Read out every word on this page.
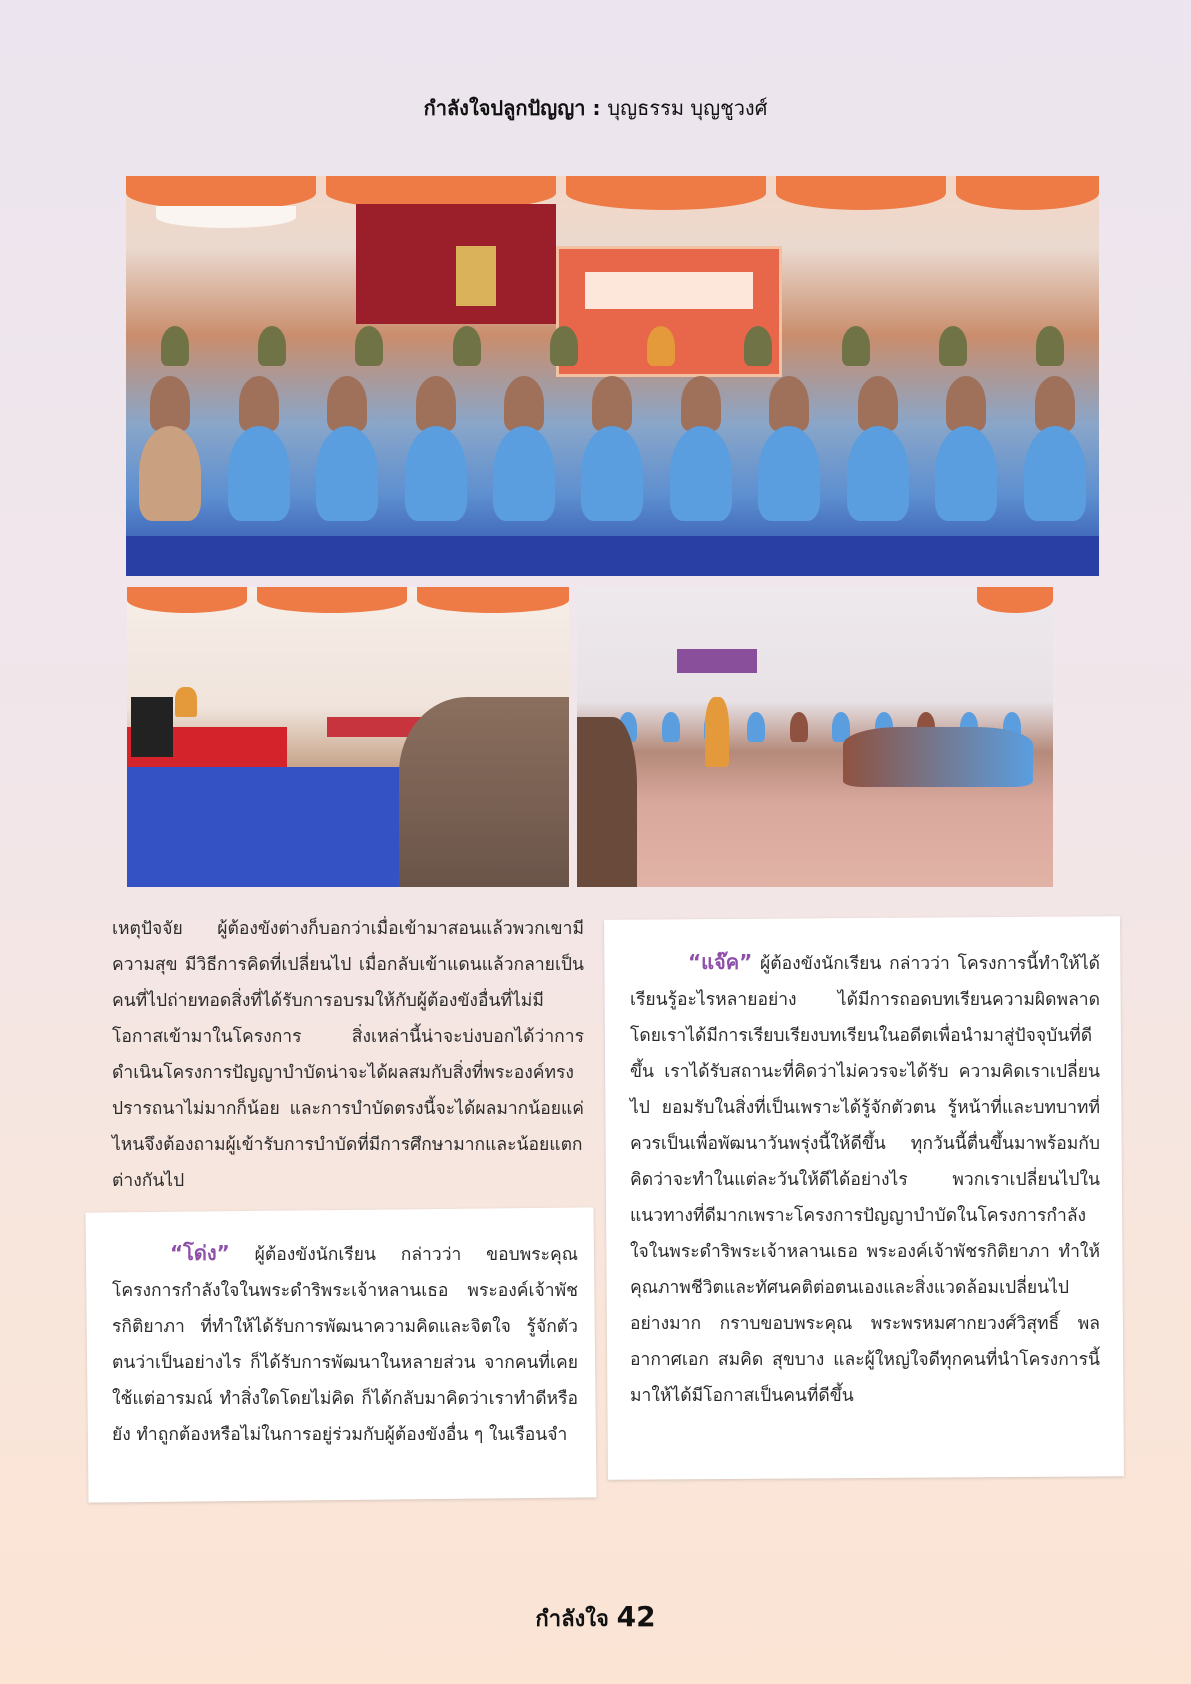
กำลังใจปลูกปัญญา : บุญธรรม บุญชูวงศ์

เหตุปัจจัย ผู้ต้องขังต่างก็บอกว่าเมื่อเข้ามาสอนแล้วพวกเขามีความสุข มีวิธีการคิดที่เปลี่ยนไป เมื่อกลับเข้าแดนแล้วกลายเป็นคนที่ไปถ่ายทอดสิ่งที่ได้รับการอบรมให้กับผู้ต้องขังอื่นที่ไม่มีโอกาสเข้ามาในโครงการ สิ่งเหล่านี้น่าจะบ่งบอกได้ว่าการดำเนินโครงการปัญญาบำบัดน่าจะได้ผลสมกับสิ่งที่พระองค์ทรงปรารถนาไม่มากก็น้อย และการบำบัดตรงนี้จะได้ผลมากน้อยแค่ไหนจึงต้องถามผู้เข้ารับการบำบัดที่มีการศึกษามากและน้อยแตกต่างกันไป

“โด่ง” ผู้ต้องขังนักเรียน กล่าวว่า ขอบพระคุณโครงการกำลังใจในพระดำริพระเจ้าหลานเธอ พระองค์เจ้าพัชรกิติยาภา ที่ทำให้ได้รับการพัฒนาความคิดและจิตใจ รู้จักตัวตนว่าเป็นอย่างไร ก็ได้รับการพัฒนาในหลายส่วน จากคนที่เคยใช้แต่อารมณ์ ทำสิ่งใดโดยไม่คิด ก็ได้กลับมาคิดว่าเราทำดีหรือยัง ทำถูกต้องหรือไม่ในการอยู่ร่วมกับผู้ต้องขังอื่น ๆ ในเรือนจำ

“แจ๊ค” ผู้ต้องขังนักเรียน กล่าวว่า โครงการนี้ทำให้ได้เรียนรู้อะไรหลายอย่าง ได้มีการถอดบทเรียนความผิดพลาด โดยเราได้มีการเรียบเรียงบทเรียนในอดีตเพื่อนำมาสู่ปัจจุบันที่ดีขึ้น เราได้รับสถานะที่คิดว่าไม่ควรจะได้รับ ความคิดเราเปลี่ยนไป ยอมรับในสิ่งที่เป็นเพราะได้รู้จักตัวตน รู้หน้าที่และบทบาทที่ควรเป็นเพื่อพัฒนาวันพรุ่งนี้ให้ดีขึ้น ทุกวันนี้ตื่นขึ้นมาพร้อมกับคิดว่าจะทำในแต่ละวันให้ดีได้อย่างไร พวกเราเปลี่ยนไปในแนวทางที่ดีมากเพราะโครงการปัญญาบำบัดในโครงการกำลังใจในพระดำริพระเจ้าหลานเธอ พระองค์เจ้าพัชรกิติยาภา ทำให้คุณภาพชีวิตและทัศนคติต่อตนเองและสิ่งแวดล้อมเปลี่ยนไปอย่างมาก กราบขอบพระคุณ พระพรหมศากยวงศ์วิสุทธิ์ พลอากาศเอก สมคิด สุขบาง และผู้ใหญ่ใจดีทุกคนที่นำโครงการนี้มาให้ได้มีโอกาสเป็นคนที่ดีขึ้น

กำลังใจ 42
